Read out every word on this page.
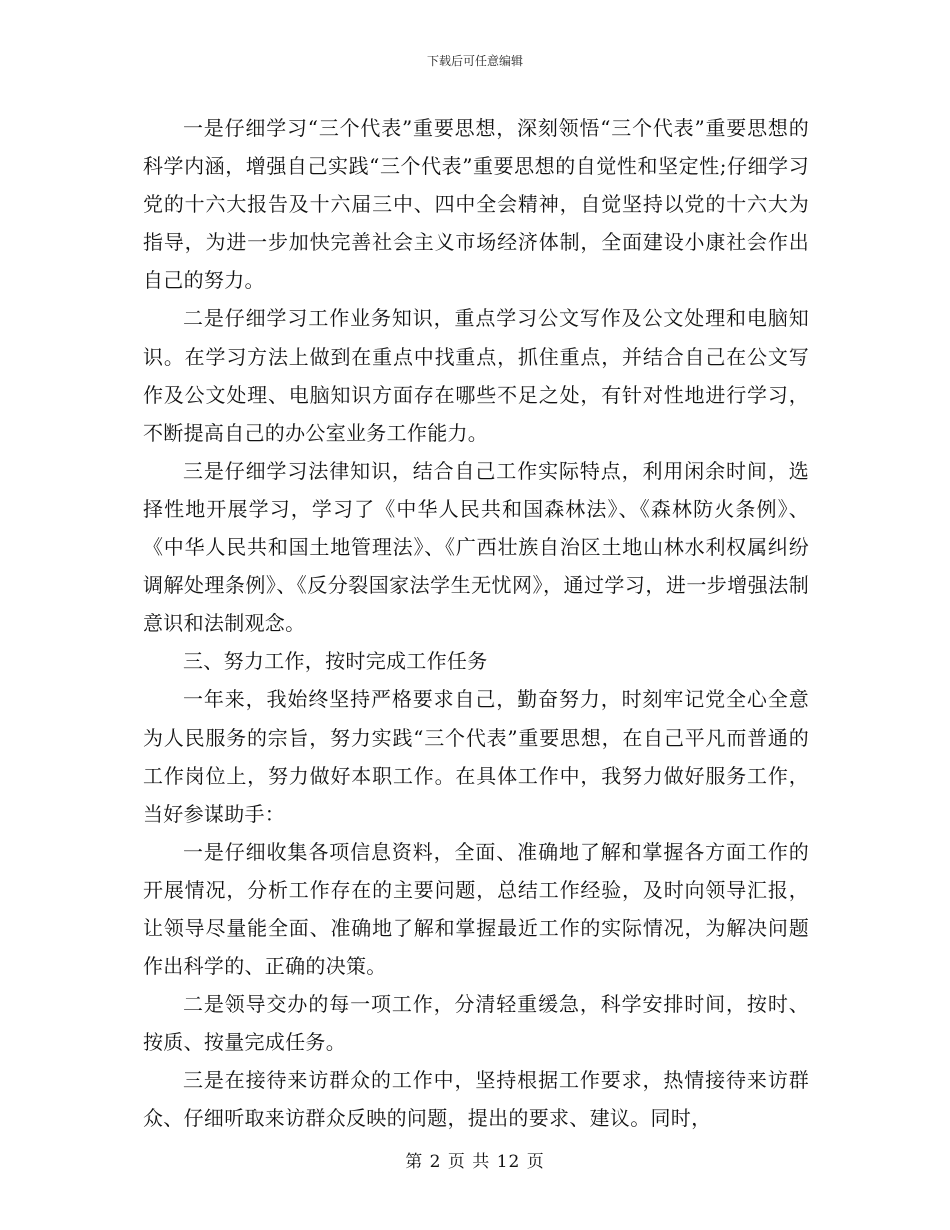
下载后可任意编辑

一是仔细学习“三个代表”重要思想，深刻领悟“三个代表”重要思想的科学内涵，增强自己实践“三个代表”重要思想的自觉性和坚定性;仔细学习党的十六大报告及十六届三中、四中全会精神，自觉坚持以党的十六大为指导，为进一步加快完善社会主义市场经济体制，全面建设小康社会作出自己的努力。

二是仔细学习工作业务知识，重点学习公文写作及公文处理和电脑知识。在学习方法上做到在重点中找重点，抓住重点，并结合自己在公文写作及公文处理、电脑知识方面存在哪些不足之处，有针对性地进行学习，不断提高自己的办公室业务工作能力。

三是仔细学习法律知识，结合自己工作实际特点，利用闲余时间，选择性地开展学习，学习了《中华人民共和国森林法》、《森林防火条例》、《中华人民共和国土地管理法》、《广西壮族自治区土地山林水利权属纠纷调解处理条例》、《反分裂国家法学生无忧网》，通过学习，进一步增强法制意识和法制观念。

三、努力工作，按时完成工作任务

一年来，我始终坚持严格要求自己，勤奋努力，时刻牢记党全心全意为人民服务的宗旨，努力实践“三个代表”重要思想，在自己平凡而普通的工作岗位上，努力做好本职工作。在具体工作中，我努力做好服务工作，当好参谋助手：

一是仔细收集各项信息资料，全面、准确地了解和掌握各方面工作的开展情况，分析工作存在的主要问题，总结工作经验，及时向领导汇报，让领导尽量能全面、准确地了解和掌握最近工作的实际情况，为解决问题作出科学的、正确的决策。

二是领导交办的每一项工作，分清轻重缓急，科学安排时间，按时、按质、按量完成任务。

三是在接待来访群众的工作中，坚持根据工作要求，热情接待来访群众、仔细听取来访群众反映的问题，提出的要求、建议。同时，

第 2 页 共 12 页
